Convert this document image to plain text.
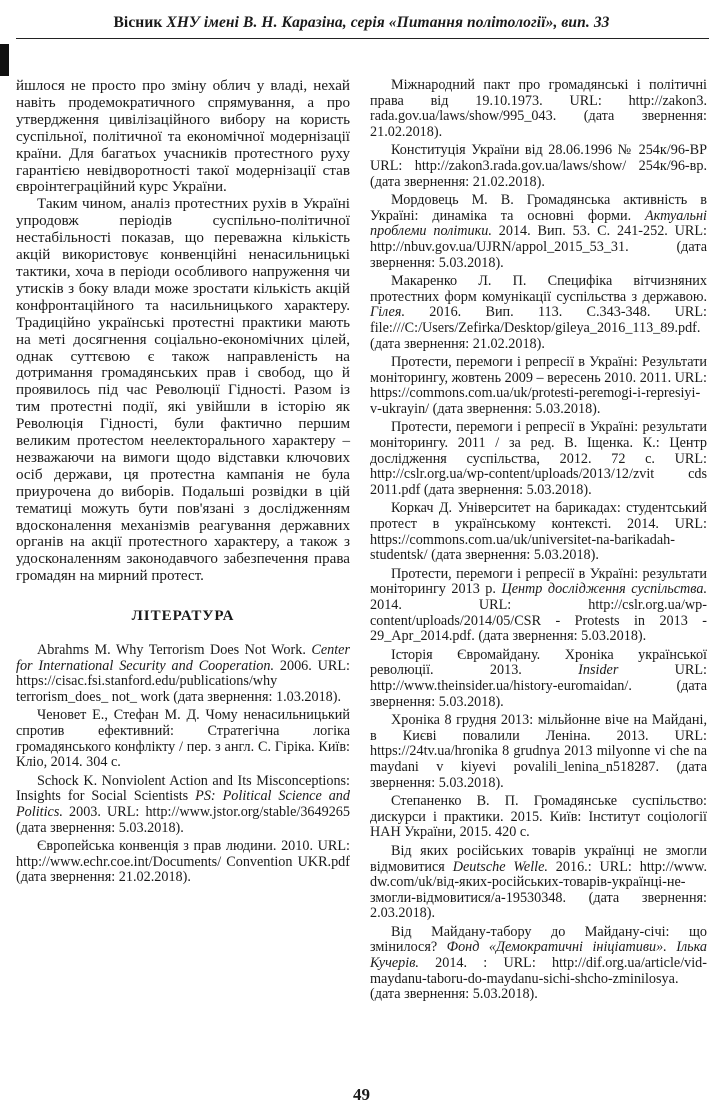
Вісник ХНУ імені В. Н. Каразіна, серія «Питання політології», вип. 33

йшлося не просто про зміну облич у владі, нехай навіть продемократичного спрямування, а про утвердження цивілізаційного вибору на користь суспільної, політичної та економічної модернізації країни. Для багатьох учасників протестного руху гарантією невідворотності такої модернізації став євроінтеграційний курс України.

Таким чином, аналіз протестних рухів в Україні упродовж періодів суспільно-політичної нестабільності показав, що переважна кількість акцій використовує конвенційні ненасильницькі тактики, хоча в періоди особливого напруження чи утисків з боку влади може зростати кількість акцій конфронтаційного та насильницького характеру. Традиційно українські протестні практики мають на меті досягнення соціально-економічних цілей, однак суттєвою є також направленість на дотримання громадянських прав і свобод, що й проявилось під час Революції Гідності. Разом із тим протестні події, які увійшли в історію як Революція Гідності, були фактично першим великим протестом неелекторального характеру – незважаючи на вимоги щодо відставки ключових осіб держави, ця протестна кампанія не була приурочена до виборів. Подальші розвідки в цій тематиці можуть бути пов'язані з дослідженням вдосконалення механізмів реагування державних органів на акції протестного характеру, а також з удосконаленням законодавчого забезпечення права громадян на мирний протест.

ЛІТЕРАТУРА

Abrahms M. Why Terrorism Does Not Work. Center for International Security and Cooperation. 2006. URL: https://cisac.fsi.stanford.edu/publications/why terrorism_does_ not_ work (дата звернення: 1.03.2018).

Ченовет Е., Стефан М. Д. Чому ненасильницький спротив ефективний: Стратегічна логіка громадянського конфлікту / пер. з англ. С. Гіріка. Київ: Кліо, 2014. 304 с.

Schock K. Nonviolent Action and Its Misconceptions: Insights for Social Scientists PS: Political Science and Politics. 2003. URL: http://www.jstor.org/stable/3649265 (дата звернення: 5.03.2018).

Європейська конвенція з прав людини. 2010. URL: http://www.echr.coe.int/Documents/ Convention UKR.pdf (дата звернення: 21.02.2018).

Міжнародний пакт про громадянські і політичні права від 19.10.1973. URL: http://zakon3. rada.gov.ua/laws/show/995_043. (дата звернення: 21.02.2018).

Конституція України від 28.06.1996 № 254к/96-ВР URL: http://zakon3.rada.gov.ua/laws/show/ 254к/96-вр. (дата звернення: 21.02.2018).

Мордовець М. В. Громадянська активність в Україні: динаміка та основні форми. Актуальні проблеми політики. 2014. Вип. 53. С. 241-252. URL: http://nbuv.gov.ua/UJRN/appol_2015_53_31. (дата звернення: 5.03.2018).

Макаренко Л. П. Специфіка вітчизняних протестних форм комунікації суспільства з державою. Гілея. 2016. Вип. 113. С.343-348. URL: file:///C:/Users/Zefirka/Desktop/gileya_2016_113_89.pdf. (дата звернення: 21.02.2018).

Протести, перемоги і репресії в Україні: Результати моніторингу, жовтень 2009 – вересень 2010. 2011. URL: https://commons.com.ua/uk/protesti-peremogi-i-represiyi-v-ukrayin/ (дата звернення: 5.03.2018).

Протести, перемоги і репресії в Україні: результати моніторингу. 2011 / за ред. В. Іщенка. К.: Центр дослідження суспільства, 2012. 72 с. URL: http://cslr.org.ua/wp-content/uploads/2013/12/zvit cds 2011.pdf (дата звернення: 5.03.2018).

Коркач Д. Університет на барикадах: студентський протест в українському контексті. 2014. URL: https://commons.com.ua/uk/universitet-na-barikadah-studentsk/ (дата звернення: 5.03.2018).

Протести, перемоги і репресії в Україні: результати моніторингу 2013 р. Центр дослідження суспільства. 2014. URL: http://cslr.org.ua/wp-content/uploads/2014/05/CSR - Protests in 2013 - 29_Apr_2014.pdf. (дата звернення: 5.03.2018).

Історія Євромайдану. Хроніка української революції. 2013. Insider URL: http://www.theinsider.ua/history-euromaidan/. (дата звернення: 5.03.2018).

Хроніка 8 грудня 2013: мільйонне віче на Майдані, в Києві повалили Леніна. 2013. URL: https://24tv.ua/hronika 8 grudnya 2013 milyonne vi che na maydani v kiyevi povalili_lenina_n518287. (дата звернення: 5.03.2018).

Степаненко В. П. Громадянське суспільство: дискурси і практики. 2015. Київ: Інститут соціології НАН України, 2015. 420 с.

Від яких російських товарів українці не змогли відмовитися Deutsche Welle. 2016.: URL: http://www. dw.com/uk/від-яких-російських-товарів-українці-не-змогли-відмовитися/a-19530348. (дата звернення: 2.03.2018).

Від Майдану-табору до Майдану-січі: що змінилося? Фонд «Демократичні ініціативи». Ілька Кучерів. 2014. : URL: http://dif.org.ua/article/vid-maydanu-taboru-do-maydanu-sichi-shcho-zminilosya. (дата звернення: 5.03.2018).

49
